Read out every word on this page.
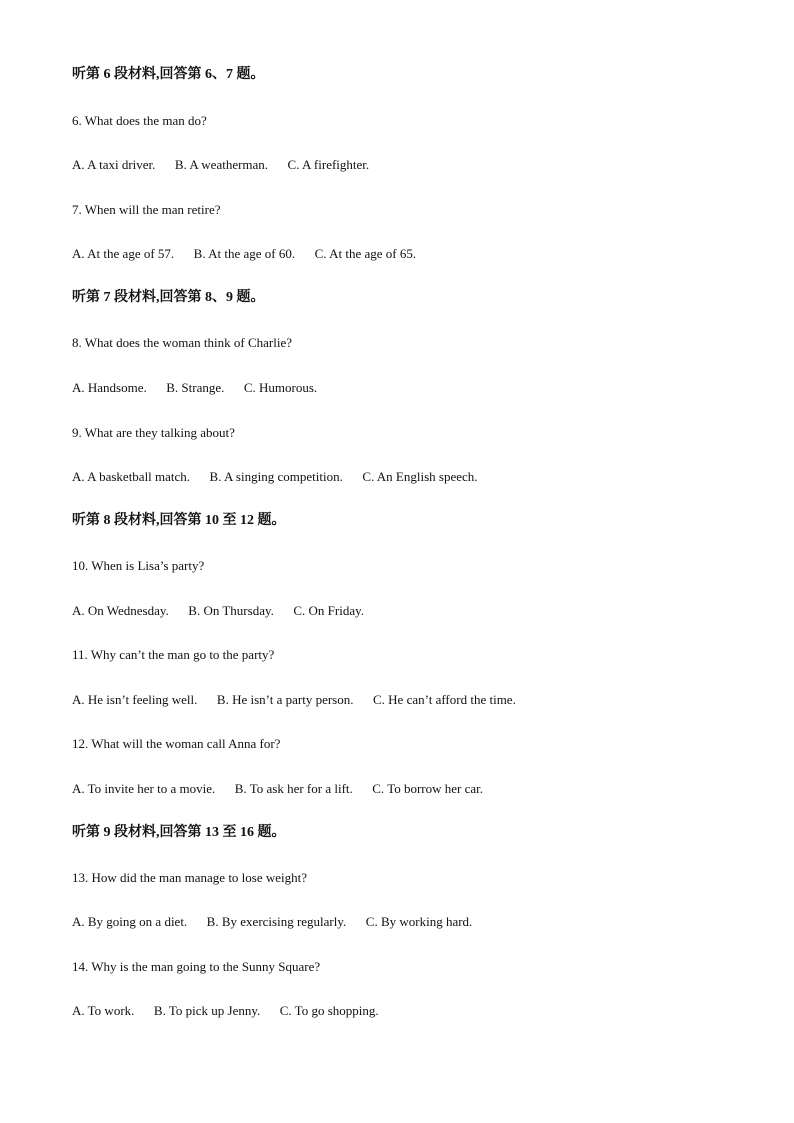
听第 6 段材料,回答第 6、7 题。
6. What does the man do?
A. A taxi driver.      B. A weatherman.      C. A firefighter.
7. When will the man retire?
A. At the age of 57.      B. At the age of 60.      C. At the age of 65.
听第 7 段材料,回答第 8、9 题。
8. What does the woman think of Charlie?
A. Handsome.      B. Strange.      C. Humorous.
9. What are they talking about?
A. A basketball match.      B. A singing competition.      C. An English speech.
听第 8 段材料,回答第 10 至 12 题。
10. When is Lisa’s party?
A. On Wednesday.      B. On Thursday.      C. On Friday.
11. Why can’t the man go to the party?
A. He isn’t feeling well.      B. He isn’t a party person.      C. He can’t afford the time.
12. What will the woman call Anna for?
A. To invite her to a movie.      B. To ask her for a lift.      C. To borrow her car.
听第 9 段材料,回答第 13 至 16 题。
13. How did the man manage to lose weight?
A. By going on a diet.      B. By exercising regularly.      C. By working hard.
14. Why is the man going to the Sunny Square?
A. To work.      B. To pick up Jenny.      C. To go shopping.
